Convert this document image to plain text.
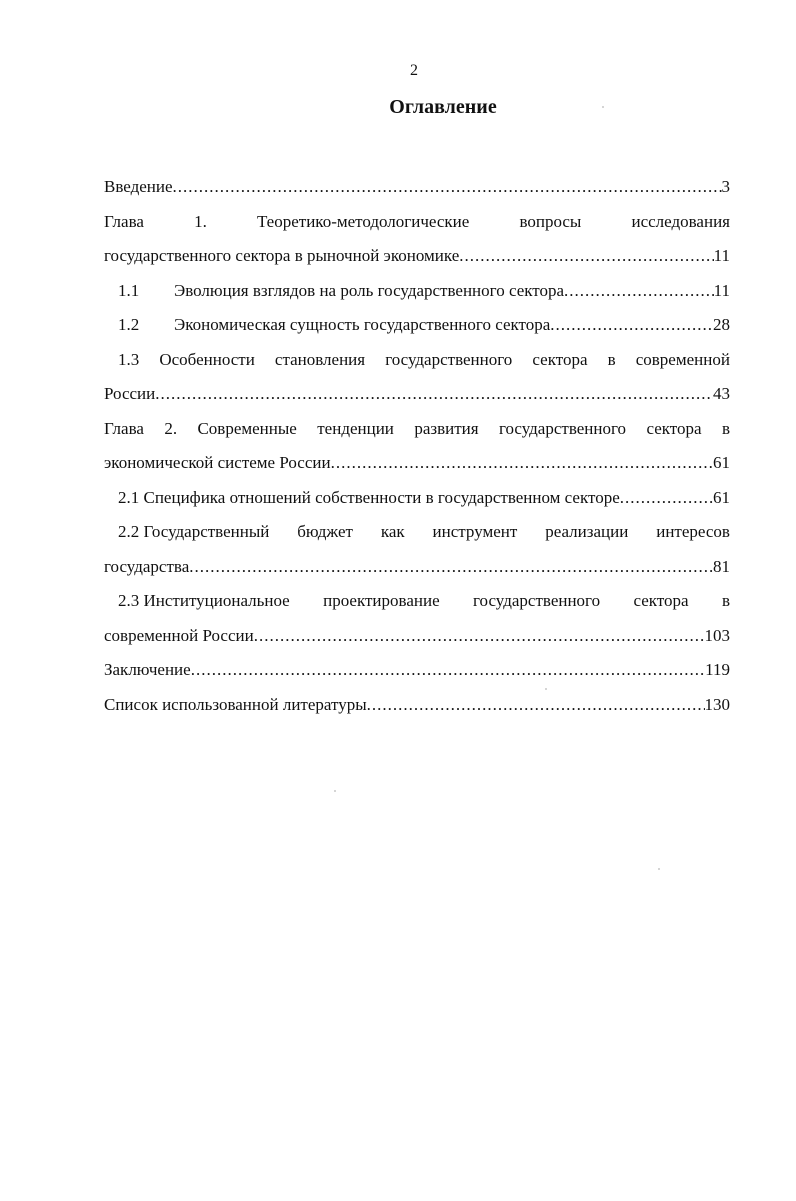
2
Оглавление
Введение .....	3
Глава	1.	Теоретико-методологические	вопросы	исследования
государственного сектора в рыночной экономике .....	11
1.1	Эволюция взглядов на роль государственного сектора .....	11
1.2	Экономическая сущность государственного сектора .....	28
1.3 Особенности становления государственного сектора в современной
России .....	43
Глава 2. Современные тенденции развития государственного сектора в
экономической системе России .....	61
2.1 Специфика отношений собственности в государственном секторе .....	61
2.2 Государственный бюджет как инструмент реализации интересов
государства .....	81
2.3 Институциональное проектирование государственного сектора в
современной России .....	103
Заключение .....	119
Список использованной литературы .....	130
